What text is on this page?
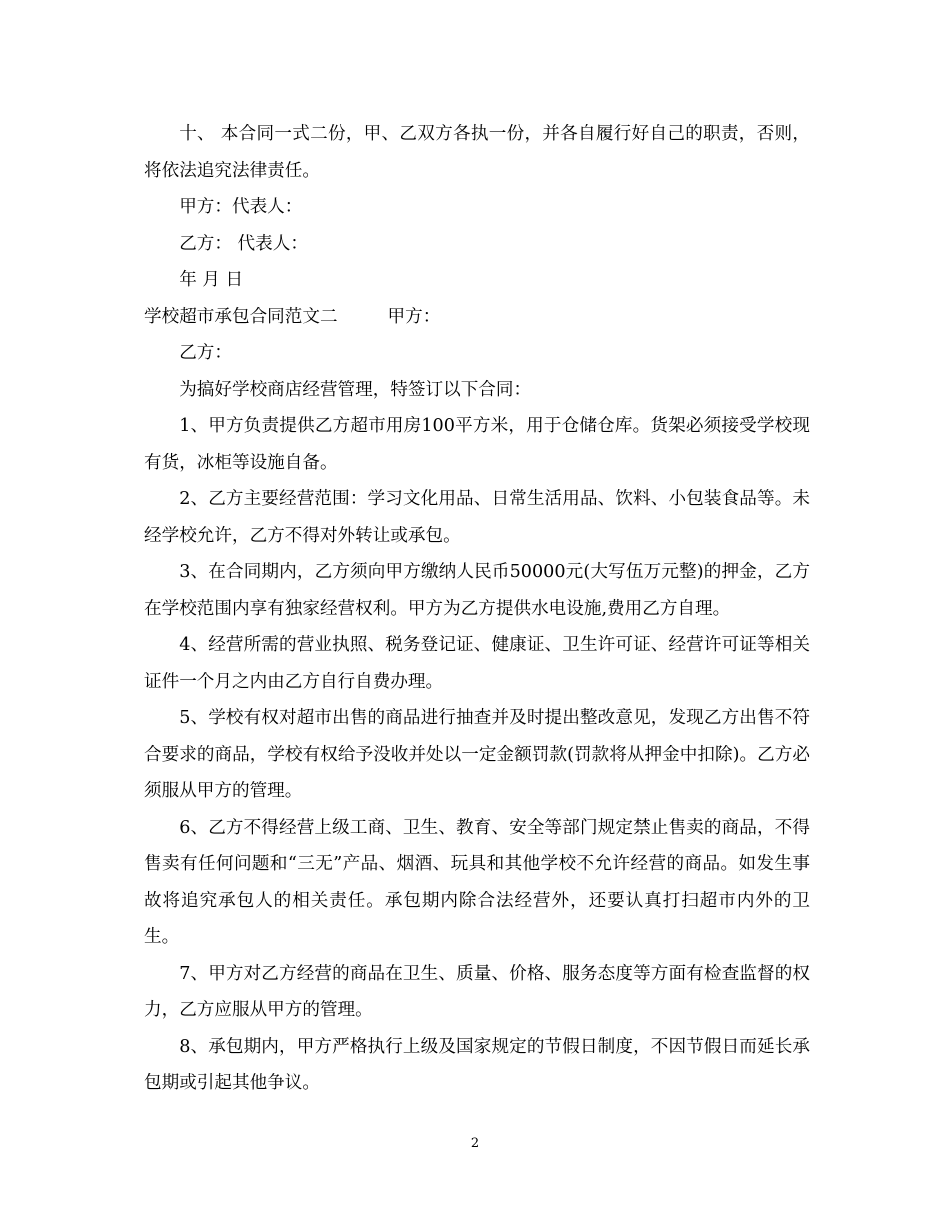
十、 本合同一式二份，甲、乙双方各执一份，并各自履行好自己的职责，否则，将依法追究法律责任。

甲方：代表人：

乙方： 代表人：

年 月 日

学校超市承包合同范文二	甲方：

乙方：

为搞好学校商店经营管理，特签订以下合同：

1、甲方负责提供乙方超市用房100平方米，用于仓储仓库。货架必须接受学校现有货，冰柜等设施自备。

2、乙方主要经营范围：学习文化用品、日常生活用品、饮料、小包装食品等。未经学校允许，乙方不得对外转让或承包。

3、在合同期内，乙方须向甲方缴纳人民币50000元(大写伍万元整)的押金，乙方在学校范围内享有独家经营权利。甲方为乙方提供水电设施,费用乙方自理。

4、经营所需的营业执照、税务登记证、健康证、卫生许可证、经营许可证等相关证件一个月之内由乙方自行自费办理。

5、学校有权对超市出售的商品进行抽查并及时提出整改意见，发现乙方出售不符合要求的商品，学校有权给予没收并处以一定金额罚款(罚款将从押金中扣除)。乙方必须服从甲方的管理。

6、乙方不得经营上级工商、卫生、教育、安全等部门规定禁止售卖的商品，不得售卖有任何问题和“三无”产品、烟酒、玩具和其他学校不允许经营的商品。如发生事故将追究承包人的相关责任。承包期内除合法经营外，还要认真打扫超市内外的卫生。

7、甲方对乙方经营的商品在卫生、质量、价格、服务态度等方面有检查监督的权力，乙方应服从甲方的管理。

8、承包期内，甲方严格执行上级及国家规定的节假日制度，不因节假日而延长承包期或引起其他争议。

2
